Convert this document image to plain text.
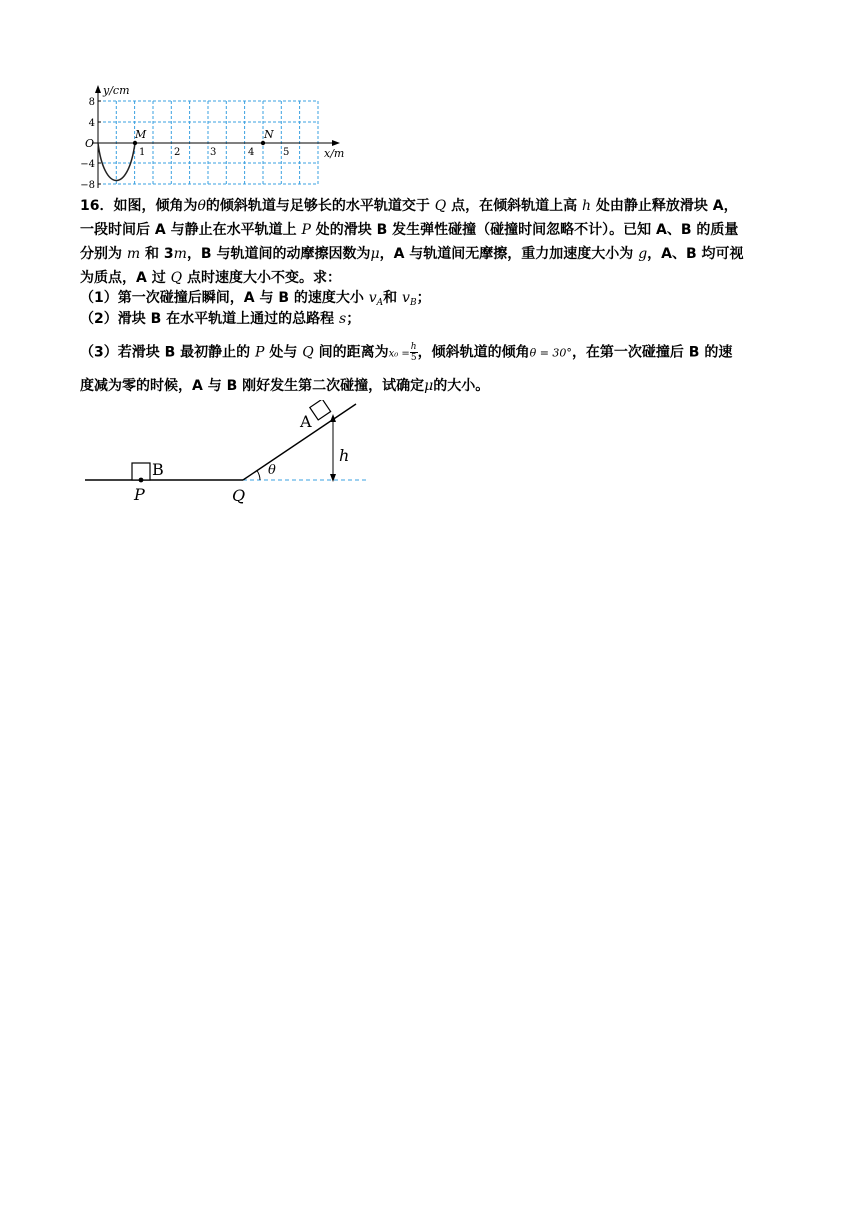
y/cm
x/m
O
8
4
−4
−8
1	2	3	4	5
M	N
16．如图，倾角为θ的倾斜轨道与足够长的水平轨道交于 Q 点，在倾斜轨道上高 h 处由静止释放滑块 A，
一段时间后 A 与静止在水平轨道上 P 处的滑块 B 发生弹性碰撞（碰撞时间忽略不计）。已知 A、B 的质量
分别为 m 和 3m，B 与轨道间的动摩擦因数为μ，A 与轨道间无摩擦，重力加速度大小为 g，A、B 均可视
为质点，A 过 Q 点时速度大小不变。求：
（1）第一次碰撞后瞬间，A 与 B 的速度大小 $v_A$和 $v_B$；
（2）滑块 B 在水平轨道上通过的总路程 s；
（3）若滑块 B 最初静止的 P 处与 Q 间的距离为$x_0 = \frac{h}{5}$ ，倾斜轨道的倾角θ = 30°，在第一次碰撞后 B 的速
度减为零的时候，A 与 B 刚好发生第二次碰撞，试确定μ的大小。
A
B
P	Q
h
θ
